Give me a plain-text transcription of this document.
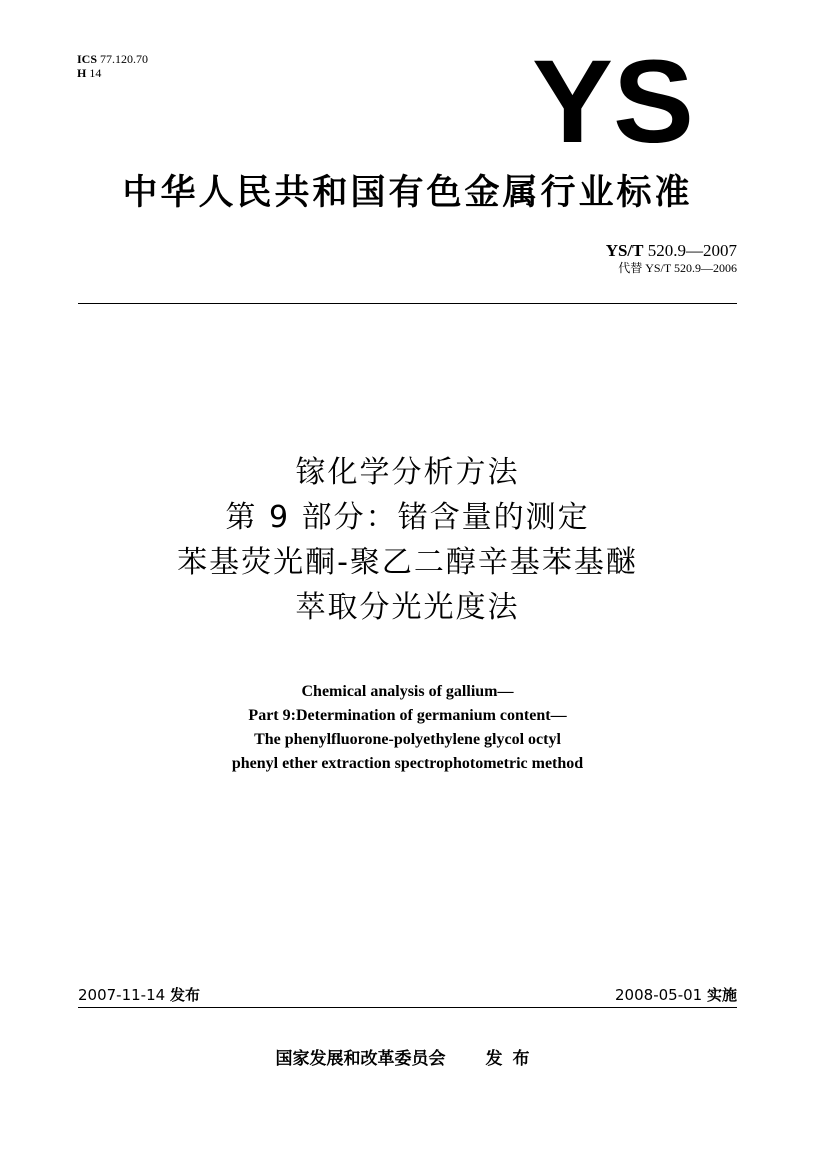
ICS 77.120.70
H 14	YS
中华人民共和国有色金属行业标准
YS/T 520.9—2007
代替 YS/T 520.9—2006
镓化学分析方法
第 9 部分：锗含量的测定
苯基荧光酮-聚乙二醇辛基苯基醚
萃取分光光度法
Chemical analysis of gallium—
Part 9:Determination of germanium content—
The phenylfluorone-polyethylene glycol octyl
phenyl ether extraction spectrophotometric method
2007-11-14 发布	2008-05-01 实施
国家发展和改革委员会 发布
